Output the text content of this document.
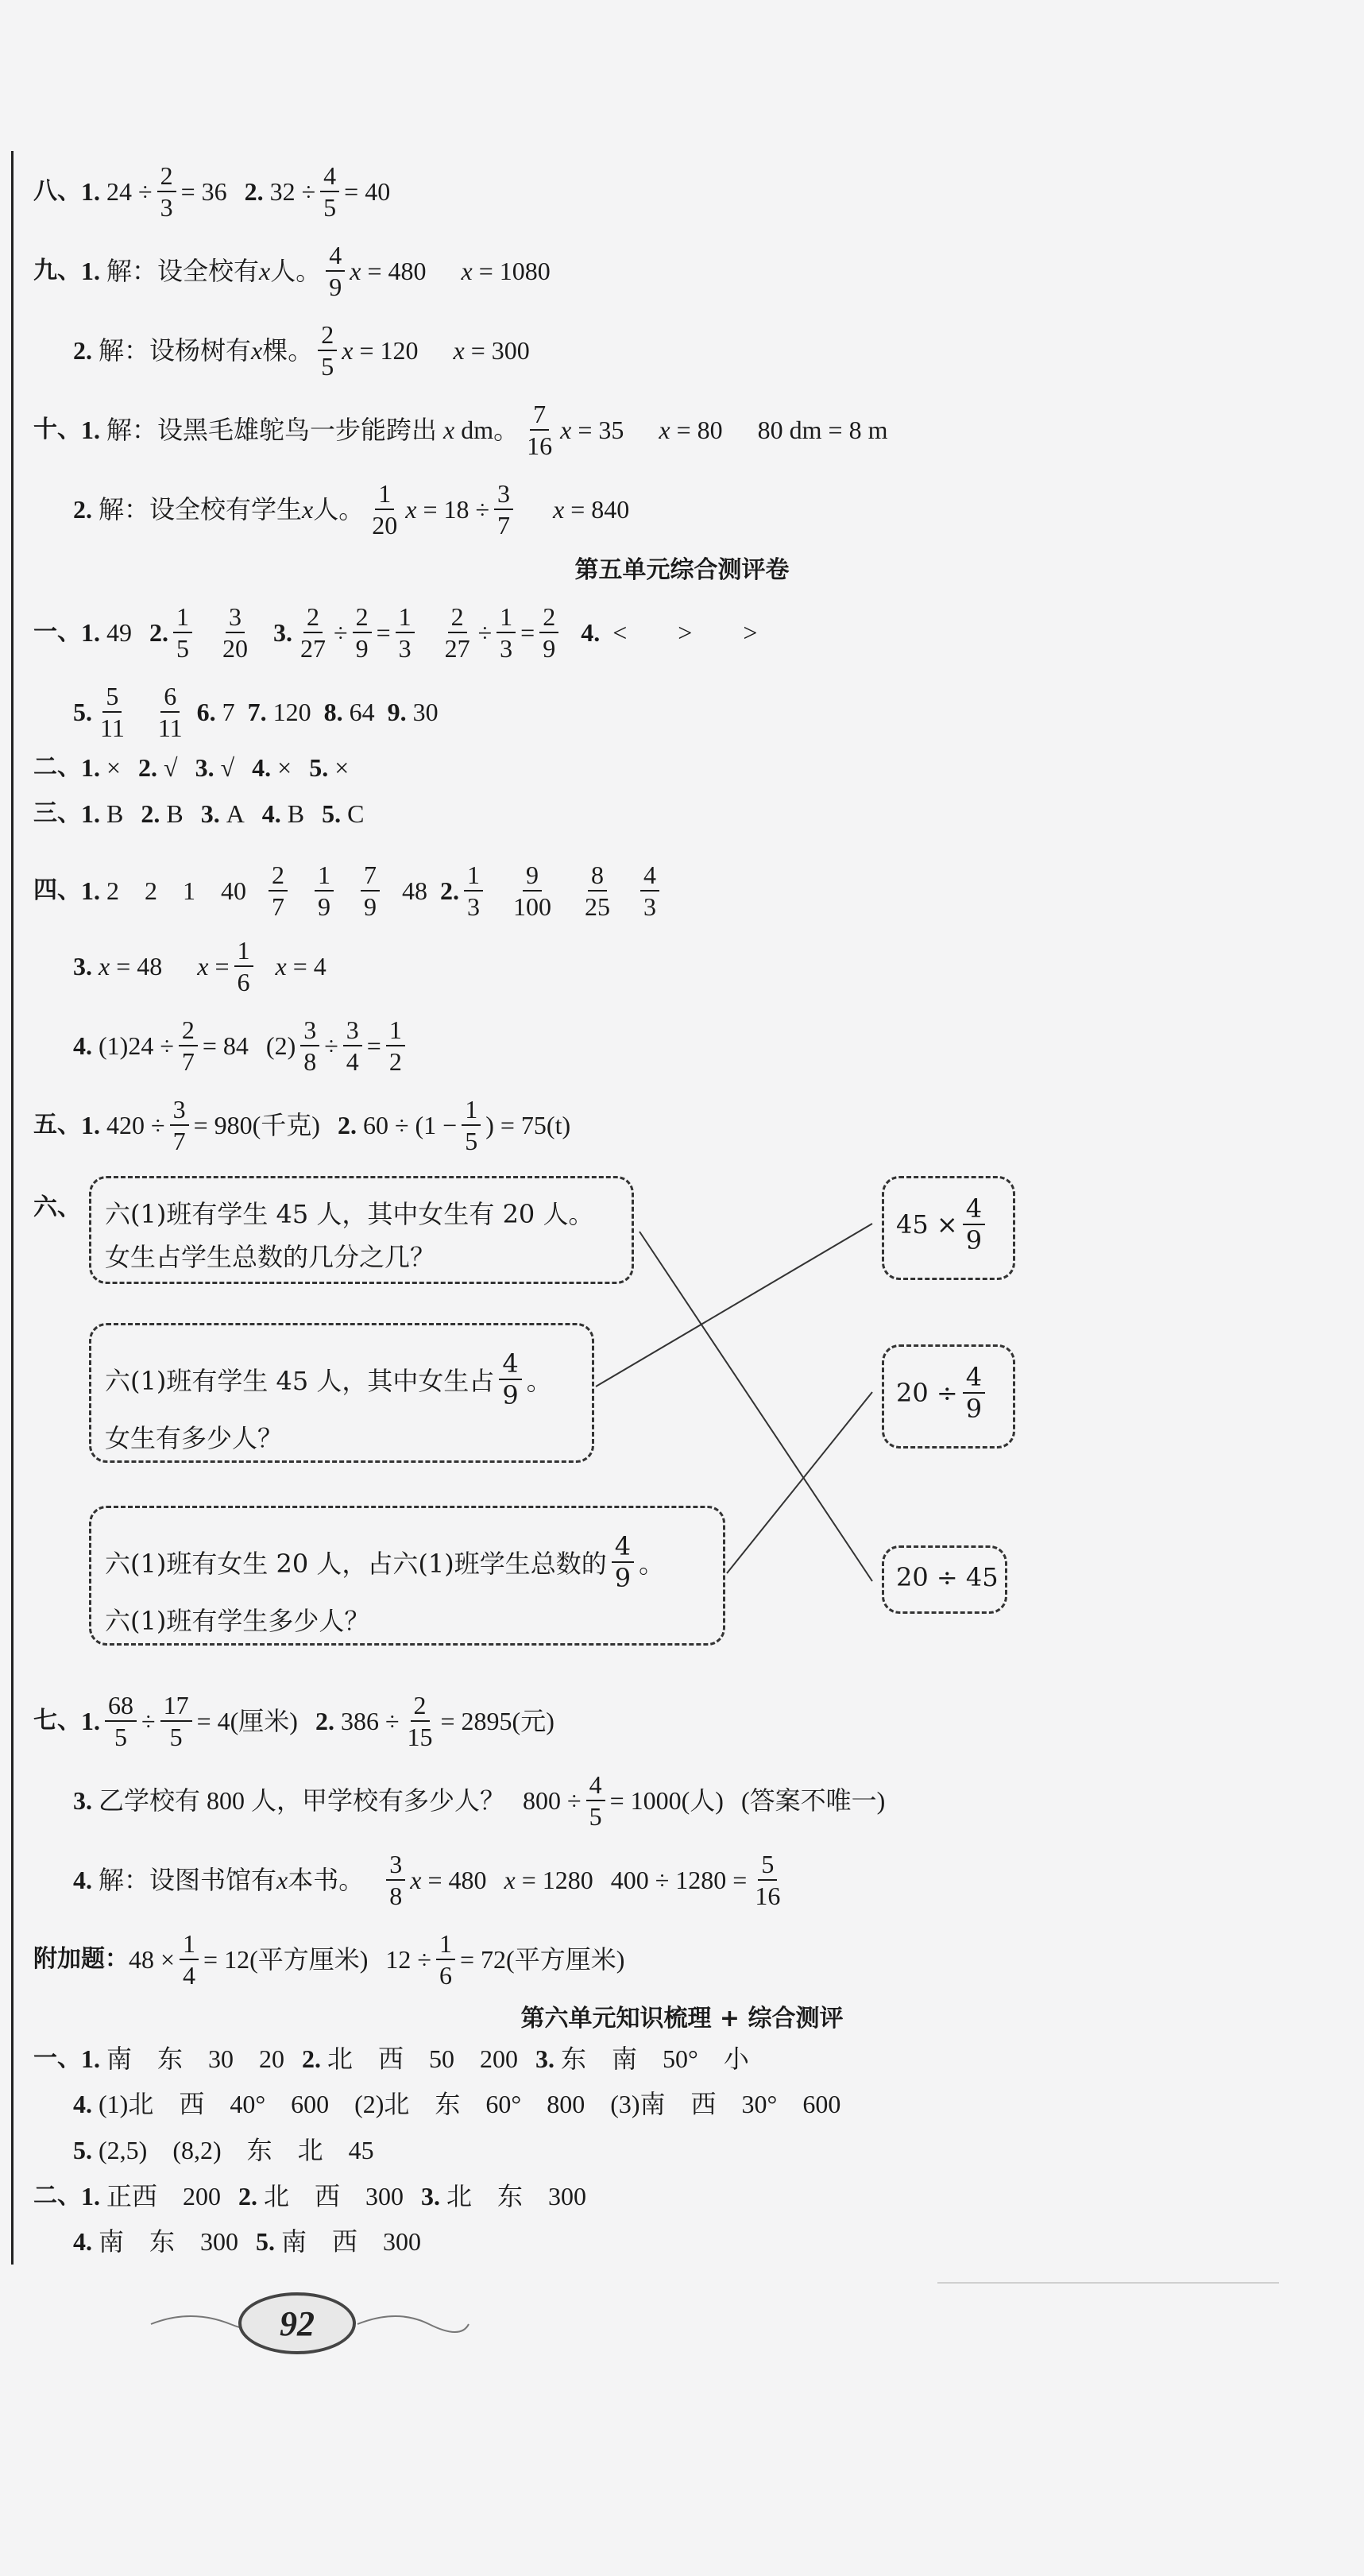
八、 1.
$24 \div \frac{2}{3} = 36$ 2.
$32 \div \frac{4}{5} = 40$
九、 1.
解：设全校有 x 人。 $\frac{4}{9}$ x
= 480 x
= 1080
2.
解：设杨树有 x 棵。 $\frac{2}{5}$ x
= 120 x
= 300
十、 1.
解：设黑毛雄鸵鸟一步能跨出
x
dm。 $\frac{7}{16}$ x
= 35 x
= 80 80 dm = 8 m
2.
解：设全校有学生 x 人。 $\frac{1}{20}$ x
= $18 \div \frac{3}{7}$ x
= 840
第五单元综合测评卷
一、 1.
49 2. $\frac{1}{5} \frac{3}{20} 3$. $\frac{2}{27} \div \frac{2}{9} = \frac{1}{3} \frac{2}{27} \div \frac{1}{3} = \frac{2}{9} 4$.
<　　>　　>
5. $\frac{5}{11} \frac{6}{11}$
6.
7
7.
120
8.
64
9.
30
二、 1.
× 2.
√ 3.
√ 4.
× 5.
×
三、 1.
B 2.
B 3.
A 4.
B 5.
C
四、 1.
2　2　1　$40 \frac{2}{7} \frac{1}{9} \frac{7}{9} 48$
2. $\frac{1}{3} \frac{9}{100} \frac{8}{25} \frac{4}{3}$
3.
x
= 48 x
= $\frac{1}{6}$ x
= 4
4.
$(1)24 \div \frac{2}{7} = 84$ $(2) \frac{3}{8} \div \frac{3}{4} = \frac{1}{2}$
五、 1.
$420 \div \frac{3}{7} = 980$(千克) 2.
$60 \div (1 - \frac{1}{5}$ ) = 75(t)
六、 六(1)班有学生 45 人，其中女生有 20 人。
女生占学生总数的几分之几？
六(1)班有学生 45 人，其中女生占 $\frac{4}{9}$ 。
女生有多少人？
六(1)班有女生 20 人，占六(1)班学生总数的 $\frac{4}{9}$ 。
六(1)班有学生多少人？
$45 \times \frac{4}{9}$
$20 \div \frac{4}{9}$
20 ÷ 45
七、 1. $\frac{68}{5} \div \frac{17}{5} = 4$(厘米) 2.
$386 \div \frac{2}{15} = 2895$(元)
3.
乙学校有 800 人，甲学校有多少人？ $800 \div \frac{4}{5} = 1000$(人) (答案不唯一)
4.
解：设图书馆有 x 本书。 $\frac{3}{8}$ x
= 480 x
= 1280 $400 \div 1280 = \frac{5}{16}$
附加题： $48 \times \frac{1}{4} = 12$(平方厘米) $12 \div \frac{1}{6} = 72$(平方厘米)
第六单元知识梳理 + 综合测评
一、 1.
南　东　30　20 2.
北　西　50　200 3.
东　南　50°　小
4.
(1)北　西　40°　600　(2)北　东　60°　800　(3)南　西　30°　600
5.
(2,5)　(8,2)　东　北　45
二、 1.
正西　200 2.
北　西　300 3.
北　东　300
4.
南　东　300 5.
南　西　300
92
